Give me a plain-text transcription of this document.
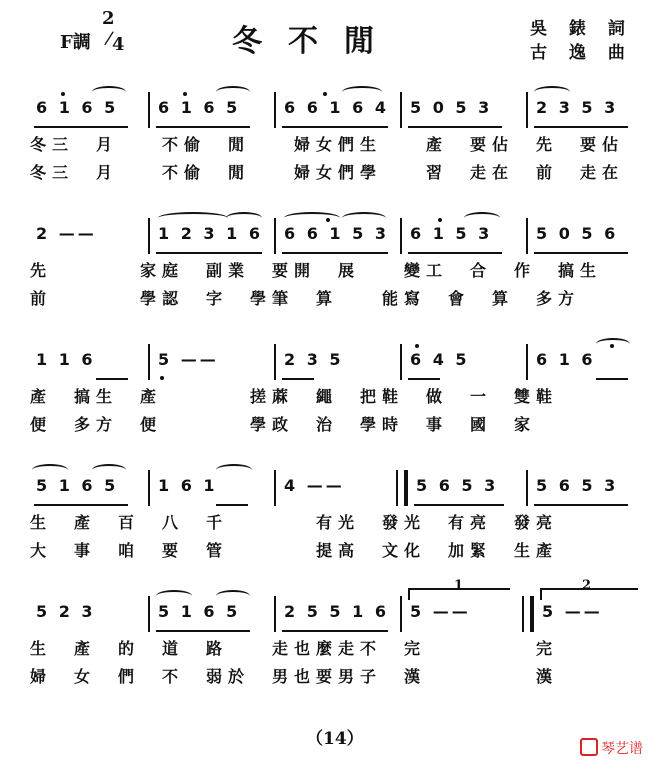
F調
2
/
4	冬不閒	吳 錶 詞
古 逸 曲
6 1 6 5 6 1 6 5	6 6 1 6 4 5 0 5 3	2 3 5 3
冬三　月　　不偷　閒　　婦女們生　　產　要佔　先　要佔
冬三　月　　不偷　閒　　婦女們學　　習　走在　前　走在
2 ——	1 2 3 1 6 6 6 1 5 3 6 1 5 3	5 0 5 6
先　　　　家庭　副業　要開　展　　變工　合　作　搞生
前　　　　學認　字　學筆　算　　能寫　會　算　多方
1 1 6	5 ——	2 3 5	6 4 5	6 1 6
產　搞生　產　　　　搓蔴　繩　把鞋　做　一　雙鞋
便　多方　便　　　　學政　治　學時　事　國　家
5 1 6 5 1 6 1	4 ——	5 6 5 3 5 6 5 3
生　產　百　八　千　　　　有光　發光　有亮　發亮
大　事　咱　要　管　　　　提高　文化　加緊　生產
5 2 3	5 1 6 5	2 5 5 1 6 5 ——	5 ——
1	2
生　產　的　道　路　　走也麼走不　完　　　　　完
婦　女　們　不　弱於　男也要男子　漢　　　　　漢
（14）	琴艺谱
